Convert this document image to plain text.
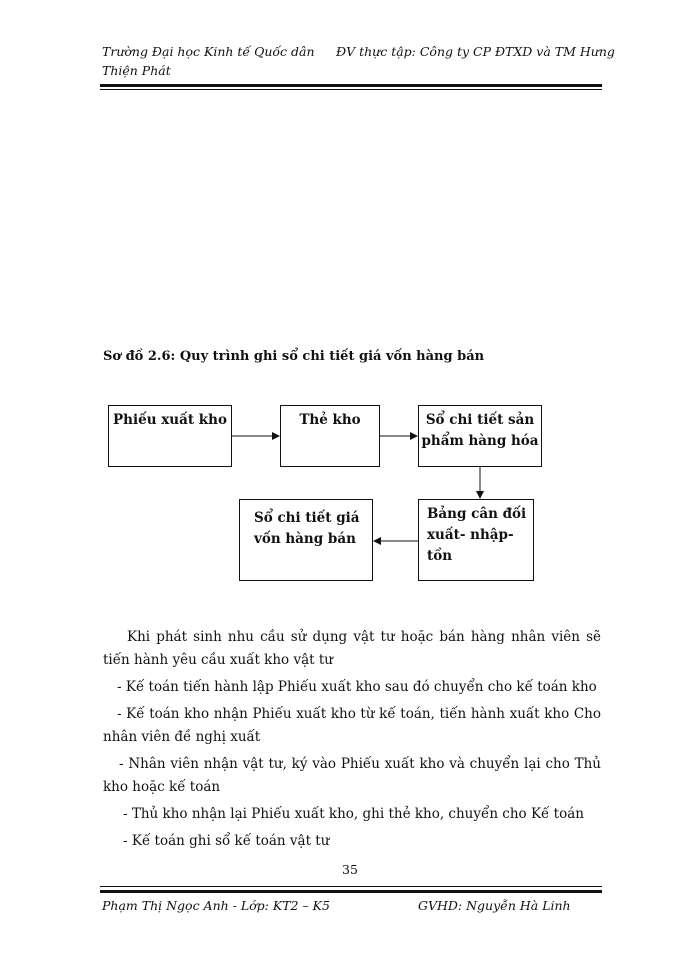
Trường Đại học Kinh tế Quốc dân Thiện Phát
ĐV thực tập: Công ty CP ĐTXD và TM Hưng
Sơ đồ 2.6: Quy trình ghi sổ chi tiết giá vốn hàng bán
Phiếu xuất kho	Thẻ kho	Sổ chi tiết sản phẩm hàng hóa
Bảng cân đối xuất- nhập- tồn
Sổ chi tiết giá vốn hàng bán
Khi phát sinh nhu cầu sử dụng vật tư hoặc bán hàng nhân viên sẽ tiến hành yêu cầu xuất kho vật tư
- Kế toán tiến hành lập Phiếu xuất kho sau đó chuyển cho kế toán kho
- Kế toán kho nhận Phiếu xuất kho từ kế toán, tiến hành xuất kho Cho nhân viên đề nghị xuất
- Nhân viên nhận vật tư, ký vào Phiếu xuất kho và chuyển lại cho Thủ kho hoặc kế toán
- Thủ kho nhận lại Phiếu xuất kho, ghi thẻ kho, chuyển cho Kế toán
- Kế toán ghi sổ kế toán vật tư
35
Phạm Thị Ngọc Anh - Lớp: KT2 – K5	GVHD: Nguyễn Hà Linh
